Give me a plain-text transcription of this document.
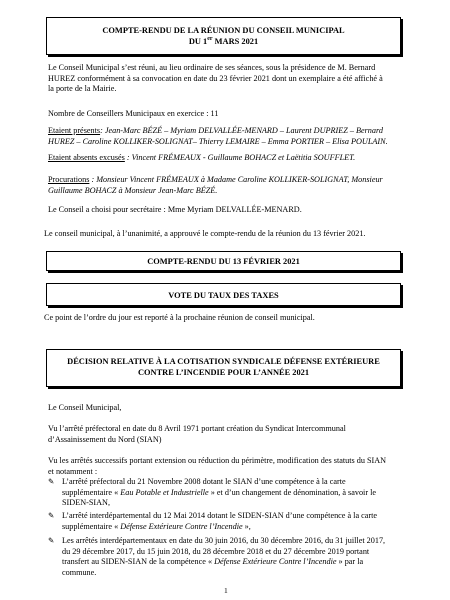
COMPTE-RENDU DE LA RÉUNION DU CONSEIL MUNICIPAL
DU 1er MARS 2021
Le Conseil Municipal s’est réuni, au lieu ordinaire de ses séances, sous la présidence de M. Bernard
HUREZ conformément à sa convocation en date du 23 février 2021 dont un exemplaire a été affiché à
la porte de la Mairie.
Nombre de Conseillers Municipaux en exercice : 11
Etaient présents: Jean-Marc BÉZÉ – Myriam DELVALLÉE-MENARD – Laurent DUPRIEZ – Bernard
HUREZ – Caroline KOLLIKER-SOLIGNAT– Thierry LEMAIRE – Emma PORTIER – Elisa POULAIN.
Etaient absents excusés : Vincent FRÉMEAUX - Guillaume BOHACZ et Laëtitia SOUFFLET.
Procurations : Monsieur Vincent FRÉMEAUX à Madame Caroline KOLLIKER-SOLIGNAT, Monsieur
Guillaume BOHACZ à Monsieur Jean-Marc BÉZÉ.
Le Conseil a choisi pour secrétaire : Mme Myriam DELVALLÉE-MENARD.
Le conseil municipal, à l’unanimité, a approuvé le compte-rendu de la réunion du 13 février 2021.
COMPTE-RENDU DU 13 FÉVRIER 2021
VOTE DU TAUX DES TAXES
Ce point de l’ordre du jour est reporté à la prochaine réunion de conseil municipal.
DÉCISION RELATIVE À LA COTISATION SYNDICALE DÉFENSE EXTÉRIEURE
CONTRE L’INCENDIE POUR L’ANNÉE 2021
Le Conseil Municipal,
Vu l’arrêté préfectoral en date du 8 Avril 1971 portant création du Syndicat Intercommunal
d’Assainissement du Nord (SIAN)
Vu les arrêtés successifs portant extension ou réduction du périmètre, modification des statuts du SIAN
et notamment :
✎ L’arrêté préfectoral du 21 Novembre 2008 dotant le SIAN d’une compétence à la carte
supplémentaire « Eau Potable et Industrielle » et d’un changement de dénomination, à savoir le
SIDEN-SIAN,
✎ L’arrêté interdépartemental du 12 Mai 2014 dotant le SIDEN-SIAN d’une compétence à la carte
supplémentaire « Défense Extérieure Contre l’Incendie »,
✎ Les arrêtés interdépartementaux en date du 30 juin 2016, du 30 décembre 2016, du 31 juillet 2017,
du 29 décembre 2017, du 15 juin 2018, du 28 décembre 2018 et du 27 décembre 2019 portant
transfert au SIDEN-SIAN de la compétence « Défense Extérieure Contre l’Incendie » par la
commune.
1
